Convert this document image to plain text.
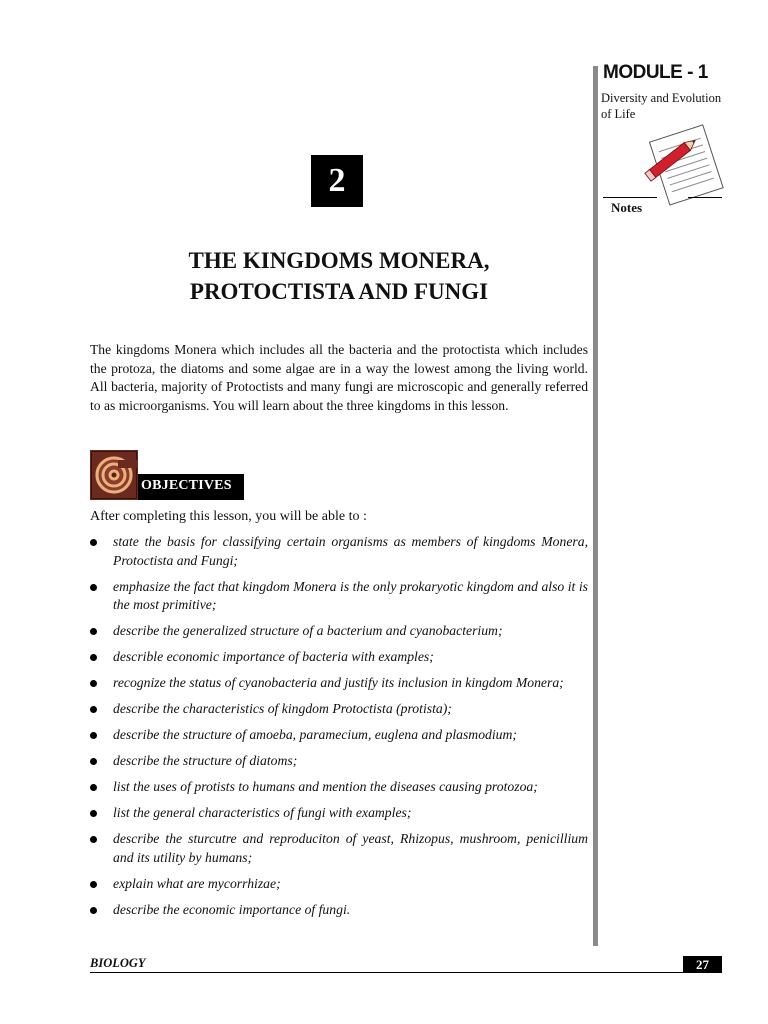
MODULE - 1
Diversity and Evolution of Life
Notes
2
THE KINGDOMS MONERA,
PROTOCTISTA AND FUNGI

The kingdoms Monera which includes all the bacteria and the protoctista which includes the protoza, the diatoms and some algae are in a way the lowest among the living world. All bacteria, majority of Protoctists and many fungi are microscopic and generally referred to as microorganisms. You will learn about the three kingdoms in this lesson.

OBJECTIVES
After completing this lesson, you will be able to :
state the basis for classifying certain organisms as members of kingdoms Monera, Protoctista and Fungi;
emphasize the fact that kingdom Monera is the only prokaryotic kingdom and also it is the most primitive;
describe the generalized structure of a bacterium and cyanobacterium;
describle economic importance of bacteria with examples;
recognize the status of cyanobacteria and justify its inclusion in kingdom Monera;
describe the characteristics of kingdom Protoctista (protista);
describe the structure of amoeba, paramecium, euglena and plasmodium;
describe the structure of diatoms;
list the uses of protists to humans and mention the diseases causing protozoa;
list the general characteristics of fungi with examples;
describe the sturcutre and reproduciton of yeast, Rhizopus, mushroom, penicillium and its utility by humans;
explain what are mycorrhizae;
describe the economic importance of fungi.
BIOLOGY	27
